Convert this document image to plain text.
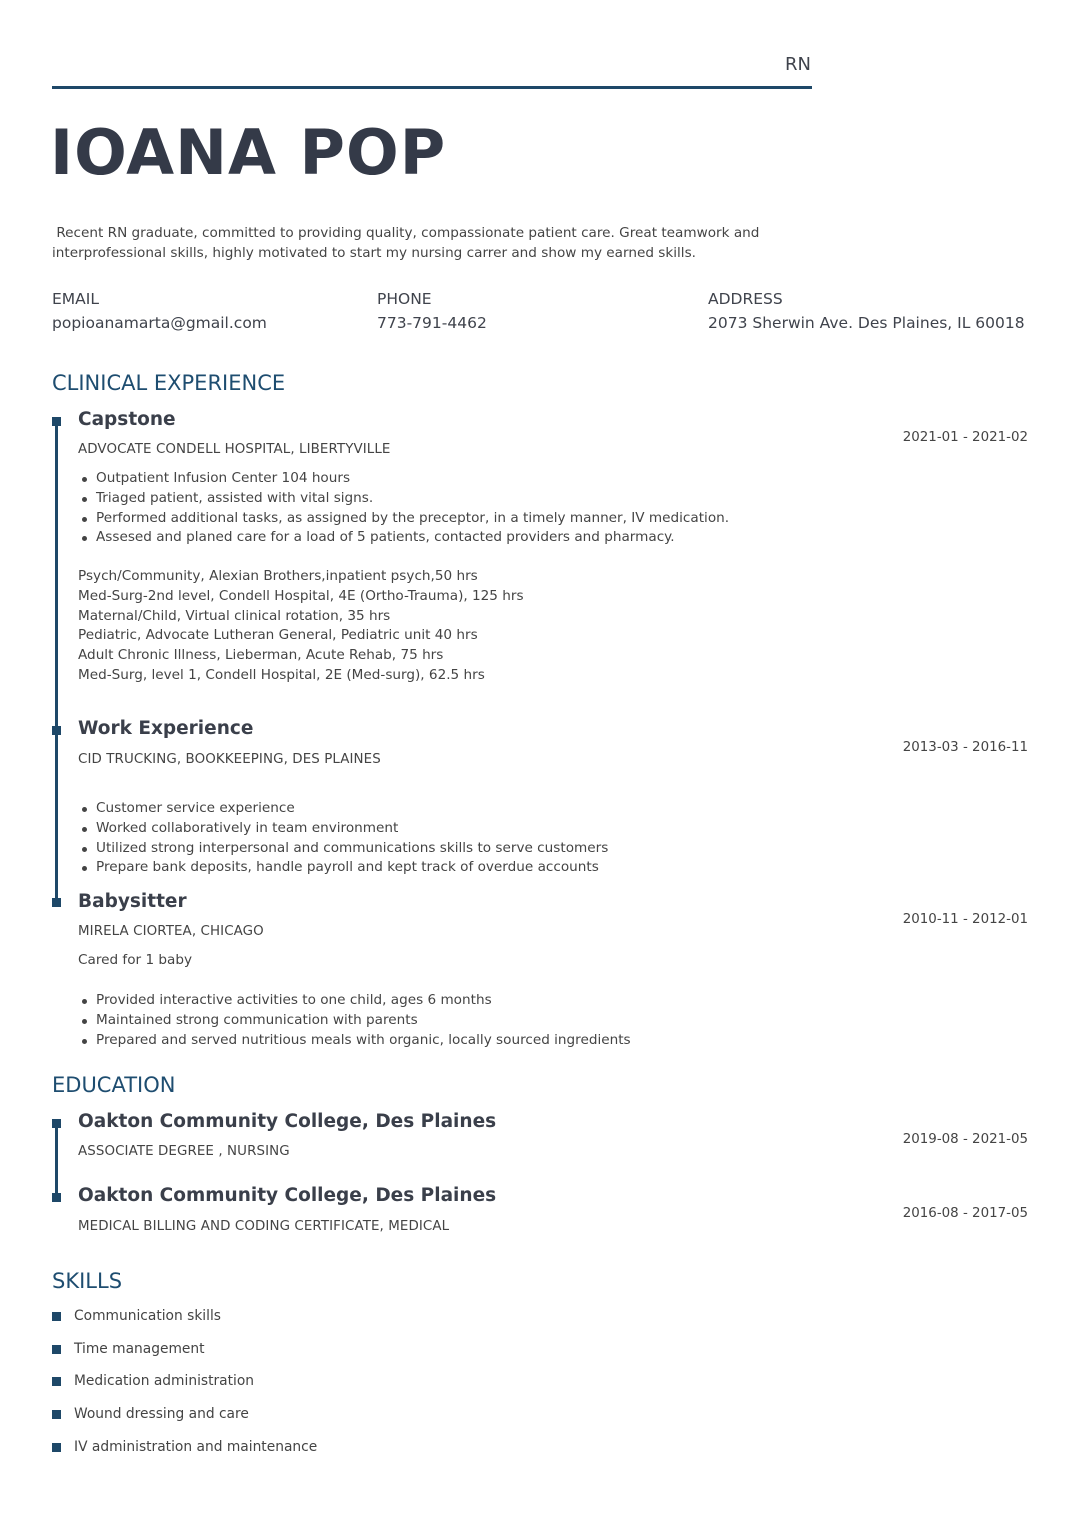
RN
IOANA POP
Recent RN graduate, committed to providing quality, compassionate patient care. Great teamwork and
interprofessional skills, highly motivated to start my nursing carrer and show my earned skills.
EMAIL
popioanamarta@gmail.com
PHONE
773-791-4462
ADDRESS
2073 Sherwin Ave. Des Plaines, IL 60018
CLINICAL EXPERIENCE
Capstone
ADVOCATE CONDELL HOSPITAL, LIBERTYVILLE
2021-01 - 2021-02
Outpatient Infusion Center 104 hours
Triaged patient, assisted with vital signs.
Performed additional tasks, as assigned by the preceptor, in a timely manner, IV medication.
Assesed and planed care for a load of 5 patients, contacted providers and pharmacy.
Psych/Community, Alexian Brothers,inpatient psych,50 hrs
Med-Surg-2nd level, Condell Hospital, 4E (Ortho-Trauma), 125 hrs
Maternal/Child, Virtual clinical rotation, 35 hrs
Pediatric, Advocate Lutheran General, Pediatric unit 40 hrs
Adult Chronic Illness, Lieberman, Acute Rehab, 75 hrs
Med-Surg, level 1, Condell Hospital, 2E (Med-surg), 62.5 hrs
Work Experience
CID TRUCKING, BOOKKEEPING, DES PLAINES
2013-03 - 2016-11
Customer service experience
Worked collaboratively in team environment
Utilized strong interpersonal and communications skills to serve customers
Prepare bank deposits, handle payroll and kept track of overdue accounts
Babysitter
MIRELA CIORTEA, CHICAGO
2010-11 - 2012-01
Cared for 1 baby
Provided interactive activities to one child, ages 6 months
Maintained strong communication with parents
Prepared and served nutritious meals with organic, locally sourced ingredients
EDUCATION
Oakton Community College, Des Plaines
ASSOCIATE DEGREE , NURSING
2019-08 - 2021-05
Oakton Community College, Des Plaines
MEDICAL BILLING AND CODING CERTIFICATE, MEDICAL
2016-08 - 2017-05
SKILLS
Communication skills
Time management
Medication administration
Wound dressing and care
IV administration and maintenance
